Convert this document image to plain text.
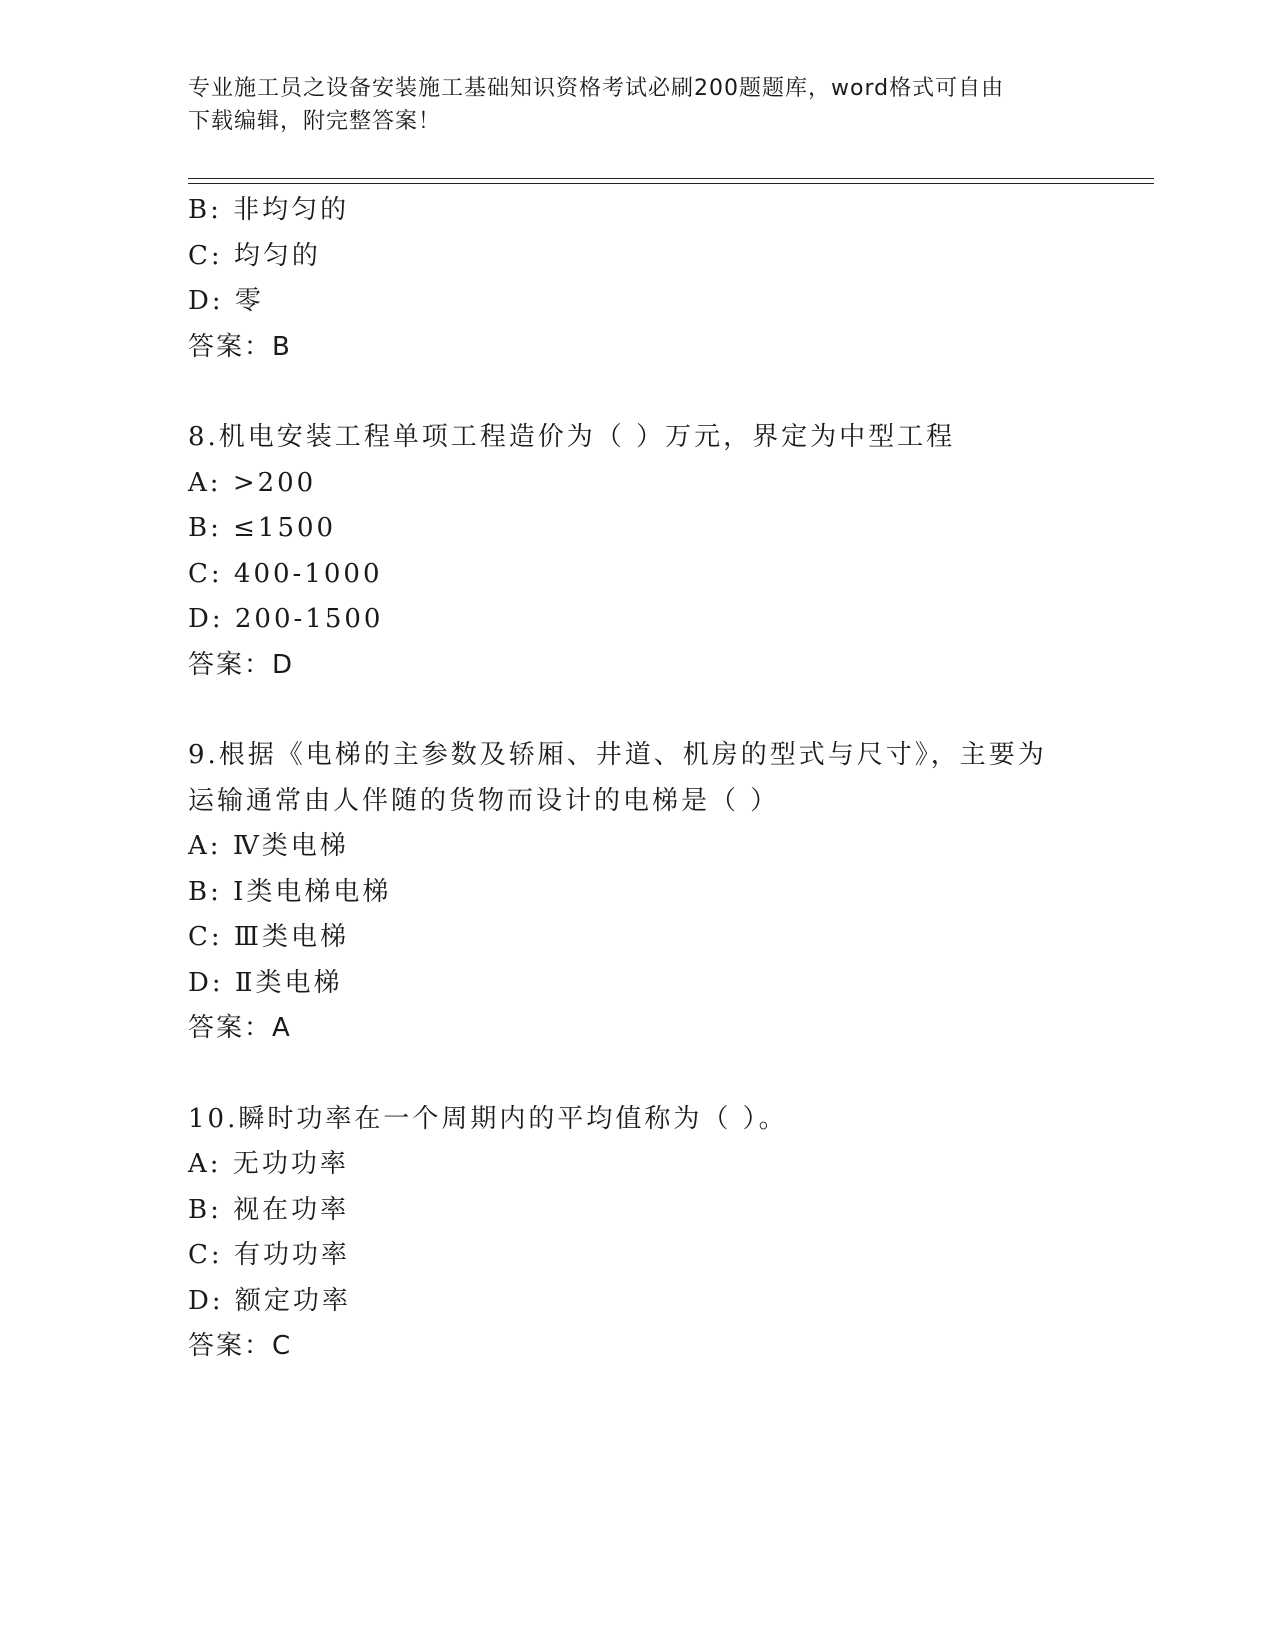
专业施工员之设备安装施工基础知识资格考试必刷200题题库，word格式可自由
下载编辑，附完整答案！
B: 非均匀的
C: 均匀的
D: 零
答案：B
8.机电安装工程单项工程造价为（ ）万元，界定为中型工程
A: >200
B: ≤1500
C: 400-1000
D: 200-1500
答案：D
9.根据《电梯的主参数及轿厢、井道、机房的型式与尺寸》，主要为
运输通常由人伴随的货物而设计的电梯是（ ）
A: Ⅳ类电梯
B: Ⅰ类电梯电梯
C: Ⅲ类电梯
D: Ⅱ类电梯
答案：A
10.瞬时功率在一个周期内的平均值称为（ ）。
A: 无功功率
B: 视在功率
C: 有功功率
D: 额定功率
答案：C
